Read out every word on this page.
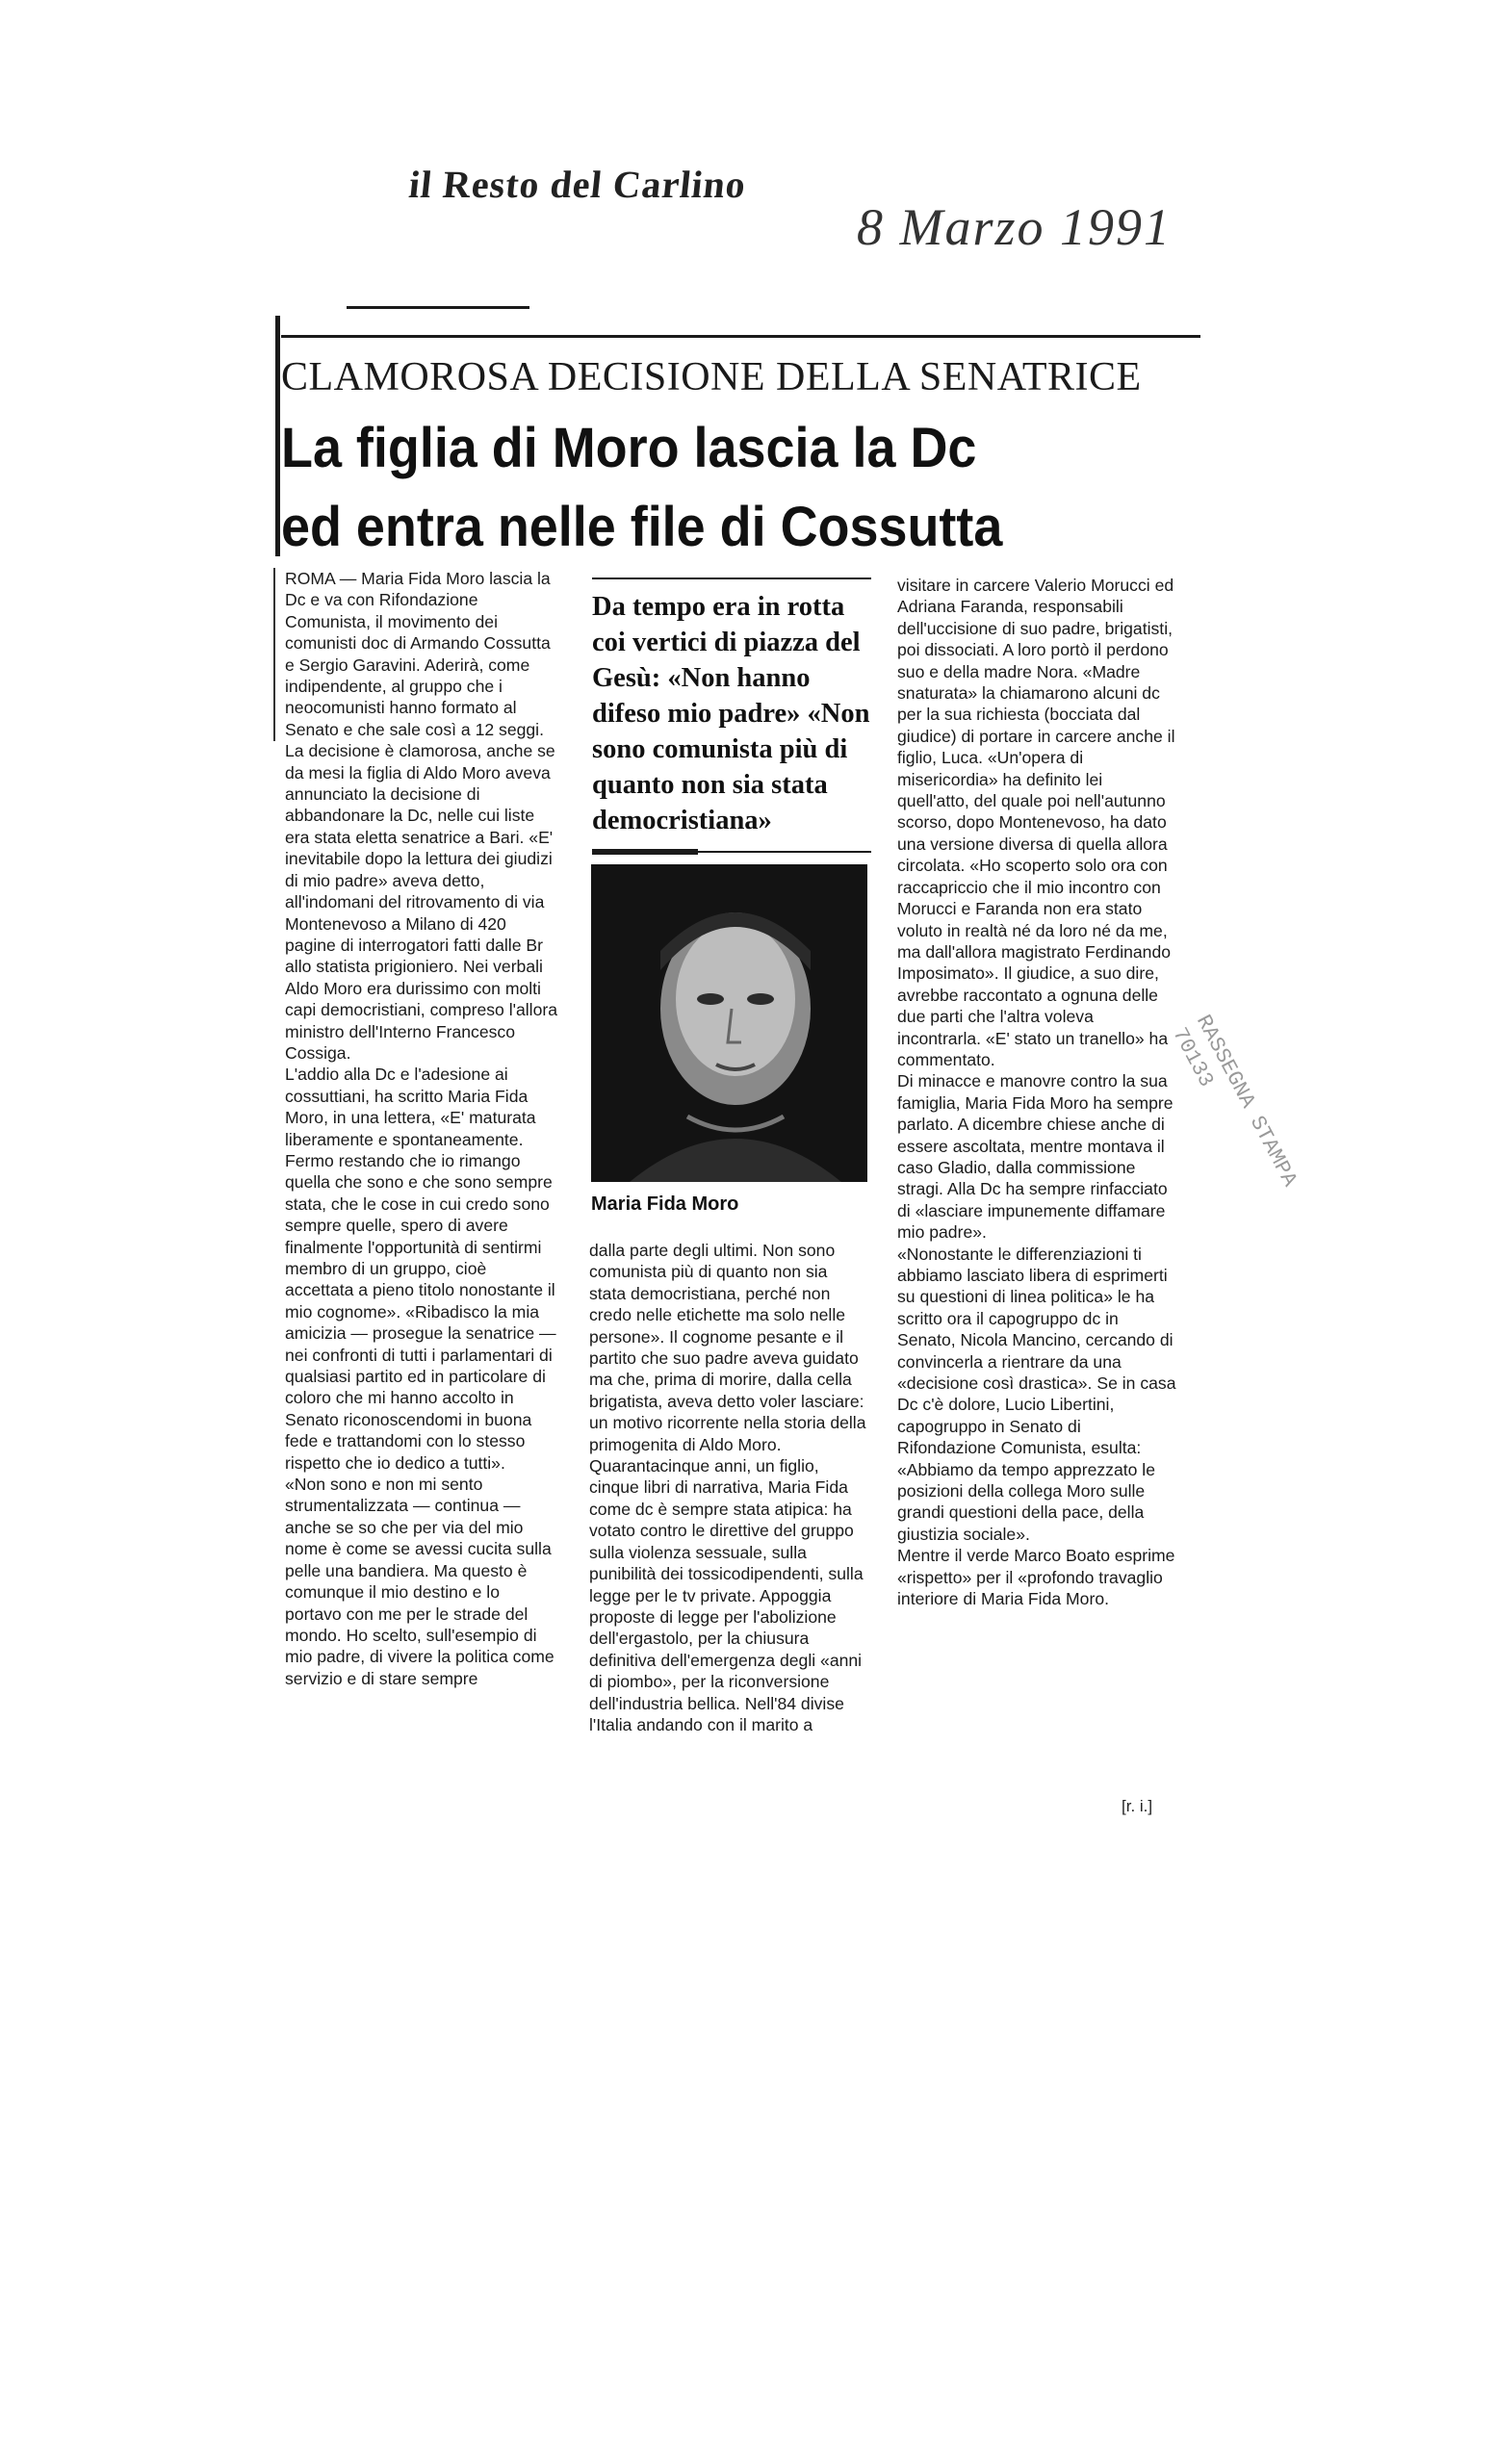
il Resto del Carlino
8 Marzo 1991
CLAMOROSA DECISIONE DELLA SENATRICE
La figlia di Moro lascia la Dc
ed entra nelle file di Cossutta

ROMA — Maria Fida Moro lascia la Dc e va con Rifondazione Comunista, il movimento dei comunisti doc di Armando Cossutta e Sergio Garavini. Aderirà, come indipendente, al gruppo che i neocomunisti hanno formato al Senato e che sale così a 12 seggi.

La decisione è clamorosa, anche se da mesi la figlia di Aldo Moro aveva annunciato la decisione di abbandonare la Dc, nelle cui liste era stata eletta senatrice a Bari. «E' inevitabile dopo la lettura dei giudizi di mio padre» aveva detto, all'indomani del ritrovamento di via Montenevoso a Milano di 420 pagine di interrogatori fatti dalle Br allo statista prigioniero. Nei verbali Aldo Moro era durissimo con molti capi democristiani, compreso l'allora ministro dell'Interno Francesco Cossiga.

L'addio alla Dc e l'adesione ai cossuttiani, ha scritto Maria Fida Moro, in una lettera, «E' maturata liberamente e spontaneamente. Fermo restando che io rimango quella che sono e che sono sempre stata, che le cose in cui credo sono sempre quelle, spero di avere finalmente l'opportunità di sentirmi membro di un gruppo, cioè accettata a pieno titolo nonostante il mio cognome». «Ribadisco la mia amicizia — prosegue la senatrice — nei confronti di tutti i parlamentari di qualsiasi partito ed in particolare di coloro che mi hanno accolto in Senato riconoscendomi in buona fede e trattandomi con lo stesso rispetto che io dedico a tutti».

«Non sono e non mi sento strumentalizzata — continua — anche se so che per via del mio nome è come se avessi cucita sulla pelle una bandiera. Ma questo è comunque il mio destino e lo portavo con me per le strade del mondo. Ho scelto, sull'esempio di mio padre, di vivere la politica come servizio e di stare sempre

Da tempo era in rotta coi vertici di piazza del Gesù: «Non hanno difeso mio padre» «Non sono comunista più di quanto non sia stata democristiana»
Maria Fida Moro

dalla parte degli ultimi. Non sono comunista più di quanto non sia stata democristiana, perché non credo nelle etichette ma solo nelle persone». Il cognome pesante e il partito che suo padre aveva guidato ma che, prima di morire, dalla cella brigatista, aveva detto voler lasciare: un motivo ricorrente nella storia della primogenita di Aldo Moro. Quarantacinque anni, un figlio, cinque libri di narrativa, Maria Fida come dc è sempre stata atipica: ha votato contro le direttive del gruppo sulla violenza sessuale, sulla punibilità dei tossicodipendenti, sulla legge per le tv private. Appoggia proposte di legge per l'abolizione dell'ergastolo, per la chiusura definitiva dell'emergenza degli «anni di piombo», per la riconversione dell'industria bellica. Nell'84 divise l'Italia andando con il marito a

visitare in carcere Valerio Morucci ed Adriana Faranda, responsabili dell'uccisione di suo padre, brigatisti, poi dissociati. A loro portò il perdono suo e della madre Nora. «Madre snaturata» la chiamarono alcuni dc per la sua richiesta (bocciata dal giudice) di portare in carcere anche il figlio, Luca. «Un'opera di misericordia» ha definito lei quell'atto, del quale poi nell'autunno scorso, dopo Montenevoso, ha dato una versione diversa di quella allora circolata. «Ho scoperto solo ora con raccapriccio che il mio incontro con Morucci e Faranda non era stato voluto in realtà né da loro né da me, ma dall'allora magistrato Ferdinando Imposimato». Il giudice, a suo dire, avrebbe raccontato a ognuna delle due parti che l'altra voleva incontrarla. «E' stato un tranello» ha commentato.

Di minacce e manovre contro la sua famiglia, Maria Fida Moro ha sempre parlato. A dicembre chiese anche di essere ascoltata, mentre montava il caso Gladio, dalla commissione stragi. Alla Dc ha sempre rinfacciato di «lasciare impunemente diffamare mio padre».

«Nonostante le differenziazioni ti abbiamo lasciato libera di esprimerti su questioni di linea politica» le ha scritto ora il capogruppo dc in Senato, Nicola Mancino, cercando di convincerla a rientrare da una «decisione così drastica». Se in casa Dc c'è dolore, Lucio Libertini, capogruppo in Senato di Rifondazione Comunista, esulta: «Abbiamo da tempo apprezzato le posizioni della collega Moro sulle grandi questioni della pace, della giustizia sociale».

Mentre il verde Marco Boato esprime «rispetto» per il «profondo travaglio interiore di Maria Fida Moro.

[r. i.]
RASSEGNA STAMPA 70133
